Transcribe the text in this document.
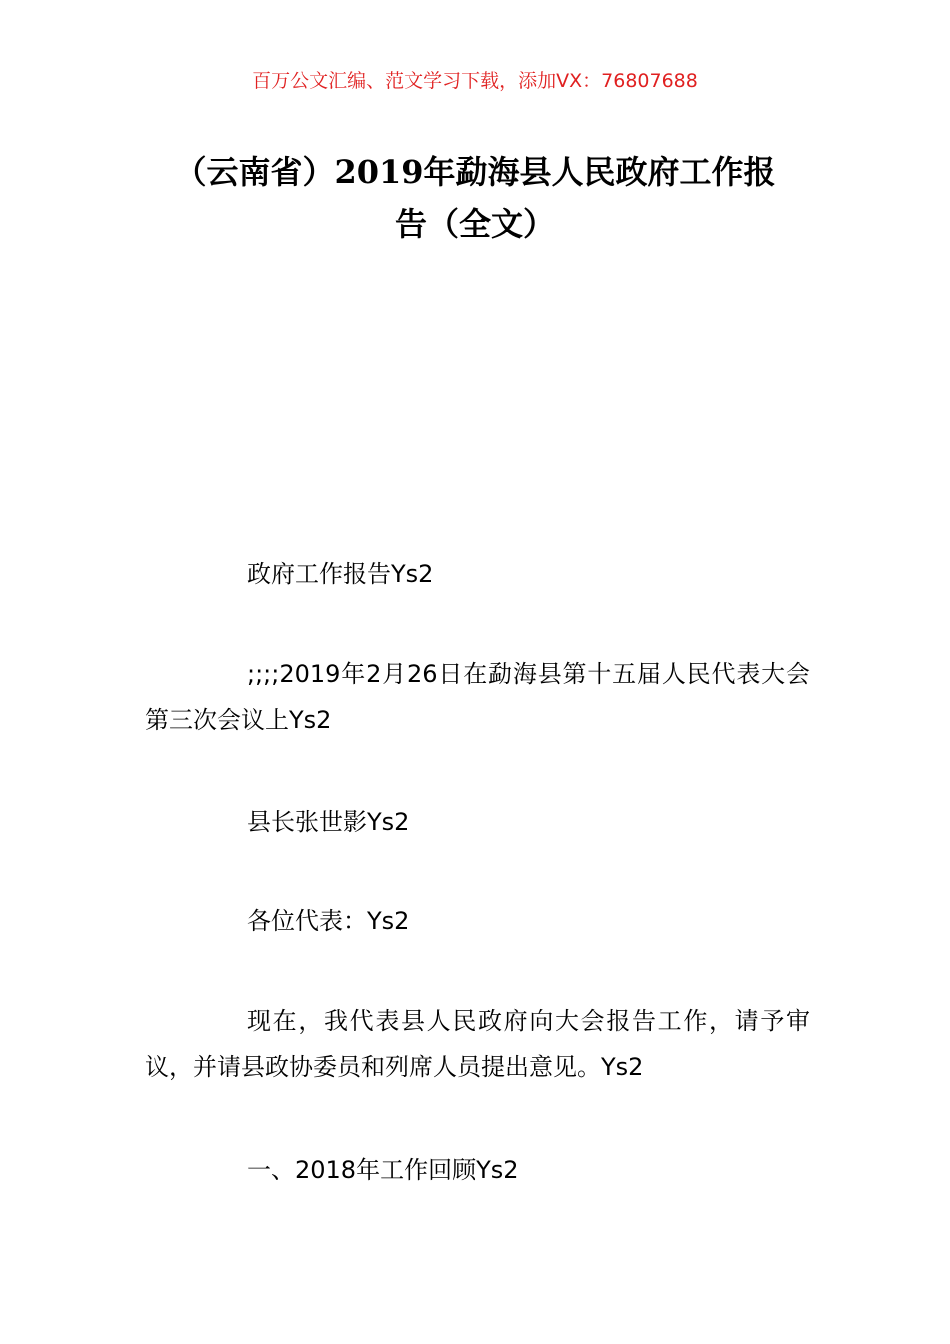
百万公文汇编、范文学习下载，添加VX：76807688
（云南省）2019年勐海县人民政府工作报
告（全文）

政府工作报告Ys2

;;;;2019年2月26日在勐海县第十五届人民代表大会第三次会议上Ys2

县长张世影Ys2

各位代表：Ys2

现在，我代表县人民政府向大会报告工作，请予审议，并请县政协委员和列席人员提出意见。Ys2

一、2018年工作回顾Ys2
